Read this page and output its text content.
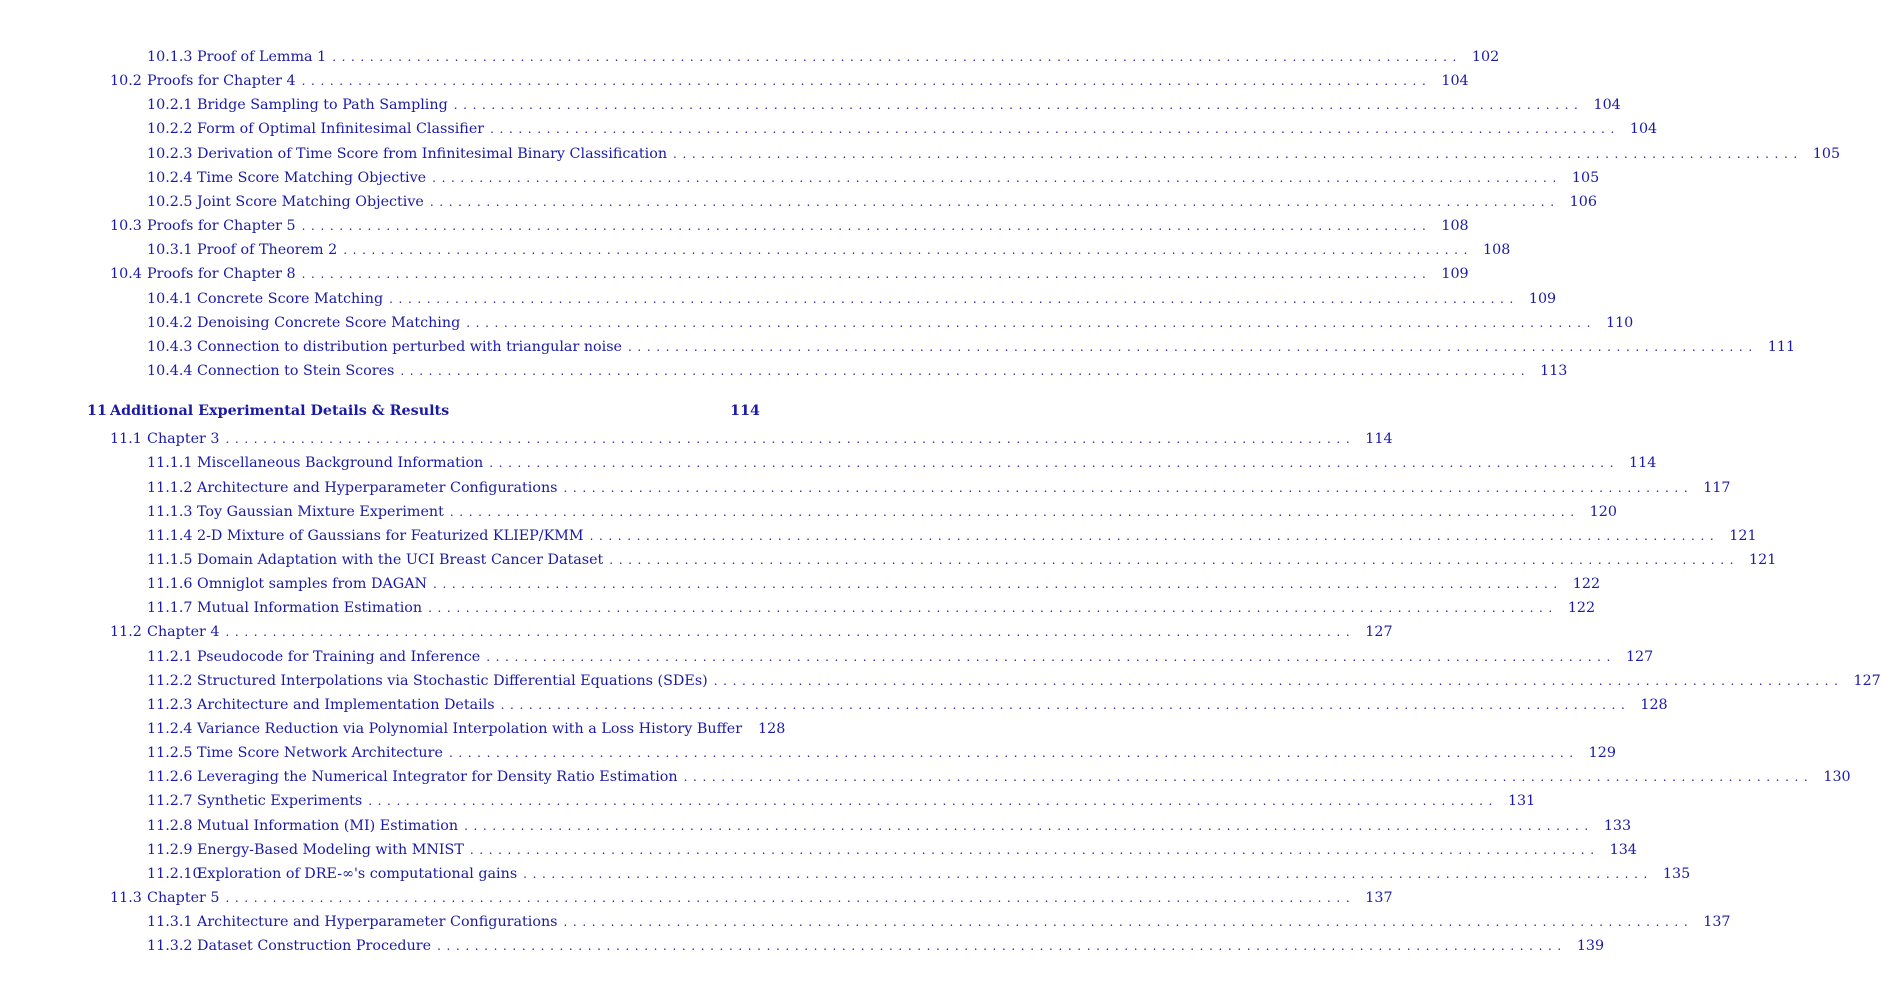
10.1.3 Proof of Lemma 1 ........................................................................................................................ 102
10.2 Proofs for Chapter 4 ........................................................................................................................ 104
10.2.1 Bridge Sampling to Path Sampling ........................................................................................................................ 104
10.2.2 Form of Optimal Infinitesimal Classifier ........................................................................................................................ 104
10.2.3 Derivation of Time Score from Infinitesimal Binary Classification ........................................................................................................................ 105
10.2.4 Time Score Matching Objective ........................................................................................................................ 105
10.2.5 Joint Score Matching Objective ........................................................................................................................ 106
10.3 Proofs for Chapter 5 ........................................................................................................................ 108
10.3.1 Proof of Theorem 2 ........................................................................................................................ 108
10.4 Proofs for Chapter 8 ........................................................................................................................ 109
10.4.1 Concrete Score Matching ........................................................................................................................ 109
10.4.2 Denoising Concrete Score Matching ........................................................................................................................ 110
10.4.3 Connection to distribution perturbed with triangular noise ........................................................................................................................ 111
10.4.4 Connection to Stein Scores ........................................................................................................................ 113
11 Additional Experimental Details & Results	114
11.1 Chapter 3 ........................................................................................................................ 114
11.1.1 Miscellaneous Background Information ........................................................................................................................ 114
11.1.2 Architecture and Hyperparameter Configurations ........................................................................................................................ 117
11.1.3 Toy Gaussian Mixture Experiment ........................................................................................................................ 120
11.1.4 2-D Mixture of Gaussians for Featurized KLIEP/KMM ........................................................................................................................ 121
11.1.5 Domain Adaptation with the UCI Breast Cancer Dataset ........................................................................................................................ 121
11.1.6 Omniglot samples from DAGAN ........................................................................................................................ 122
11.1.7 Mutual Information Estimation ........................................................................................................................ 122
11.2 Chapter 4 ........................................................................................................................ 127
11.2.1 Pseudocode for Training and Inference ........................................................................................................................ 127
11.2.2 Structured Interpolations via Stochastic Differential Equations (SDEs) ........................................................................................................................ 127
11.2.3 Architecture and Implementation Details ........................................................................................................................ 128
11.2.4 Variance Reduction via Polynomial Interpolation with a Loss History Buffer 128
11.2.5 Time Score Network Architecture ........................................................................................................................ 129
11.2.6 Leveraging the Numerical Integrator for Density Ratio Estimation ........................................................................................................................ 130
11.2.7 Synthetic Experiments ........................................................................................................................ 131
11.2.8 Mutual Information (MI) Estimation ........................................................................................................................ 133
11.2.9 Energy-Based Modeling with MNIST ........................................................................................................................ 134
11.2.10
Exploration of DRE-∞'s computational gains ........................................................................................................................ 135
11.3 Chapter 5 ........................................................................................................................ 137
11.3.1 Architecture and Hyperparameter Configurations ........................................................................................................................ 137
11.3.2 Dataset Construction Procedure ........................................................................................................................ 139
